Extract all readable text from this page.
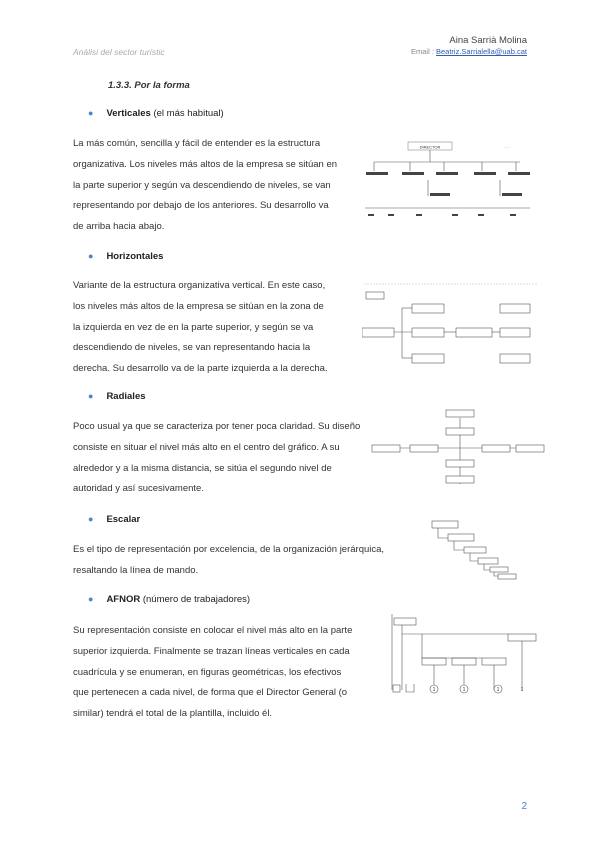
Anàlisi del sector turístic
Aina Sarrià Molina
Email : Beatriz.Sarrialella@uab.cat
1.3.3. Por la forma
● Verticales (el más habitual)
La más común, sencilla y fácil de entender es la estructura
organizativa. Los niveles más altos de la empresa se sitúan en
la parte superior y según va descendiendo de niveles, se van
representando por debajo de los anteriores. Su desarrollo va
de arriba hacia abajo.
DIRECTOR	-----
● Horizontales
Variante de la estructura organizativa vertical. En este caso,
los niveles más altos de la empresa se sitúan en la zona de
la izquierda en vez de en la parte superior, y según se va
descendiendo de niveles, se van representando hacia la
derecha. Su desarrollo va de la parte izquierda a la derecha.
● Radiales
Poco usual ya que se caracteriza por tener poca claridad. Su diseño
consiste en situar el nivel más alto en el centro del gráfico. A su
alrededor y a la misma distancia, se sitúa el segundo nivel de
autoridad y así sucesivamente.
● Escalar
Es el tipo de representación por excelencia, de la organización jerárquica,
resaltando la línea de mando.
● AFNOR (número de trabajadores)
Su representación consiste en colocar el nivel más alto en la parte
superior izquierda. Finalmente se trazan líneas verticales en cada
cuadrícula y se enumeran, en figuras geométricas, los efectivos
que pertenecen a cada nivel, de forma que el Director General (o
similar) tendrá el total de la plantilla, incluido él.
1	1	1	1
2
